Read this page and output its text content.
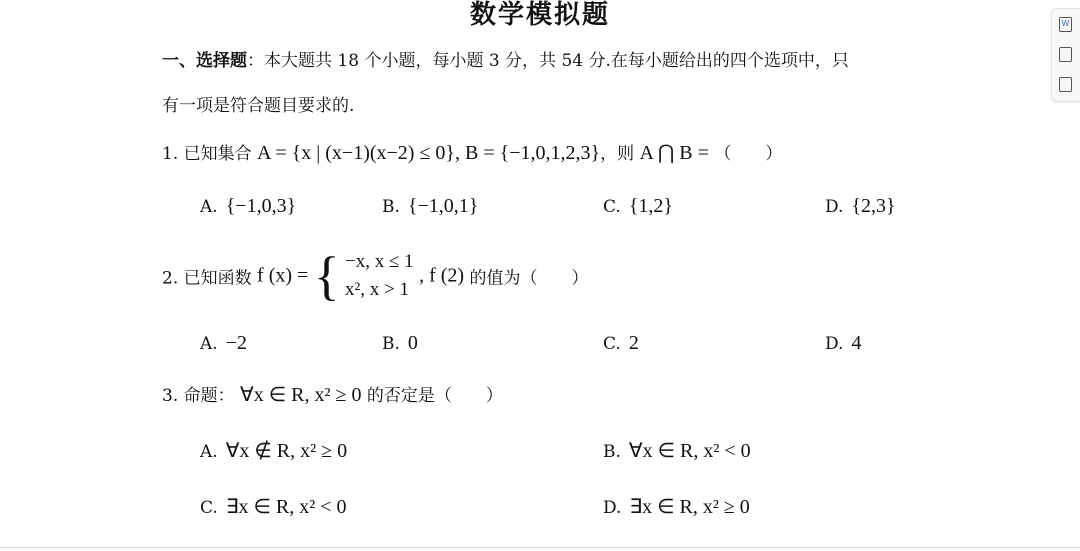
数学模拟题
一、选择题：本大题共 18 个小题，每小题 3 分，共 54 分.在每小题给出的四个选项中，只
有一项是符合题目要求的.
1. 已知集合 A = {x | (x−1)(x−2) ≤ 0}, B = {−1,0,1,2,3}，则 A ⋂ B = （　　）
A. {−1,0,3}	B. {−1,0,1}	C. {1,2}	D. {2,3}
2. 已知函数 f (x) = { −x, x ≤ 1
x², x > 1
, f (2) 的值为（　　）
A. −2	B. 0	C. 2	D. 4
3. 命题： ∀x ∈ R, x² ≥ 0 的否定是（　　）
A. ∀x ∉ R, x² ≥ 0	B. ∀x ∈ R, x² < 0
C. ∃x ∈ R, x² < 0	D. ∃x ∈ R, x² ≥ 0
W
